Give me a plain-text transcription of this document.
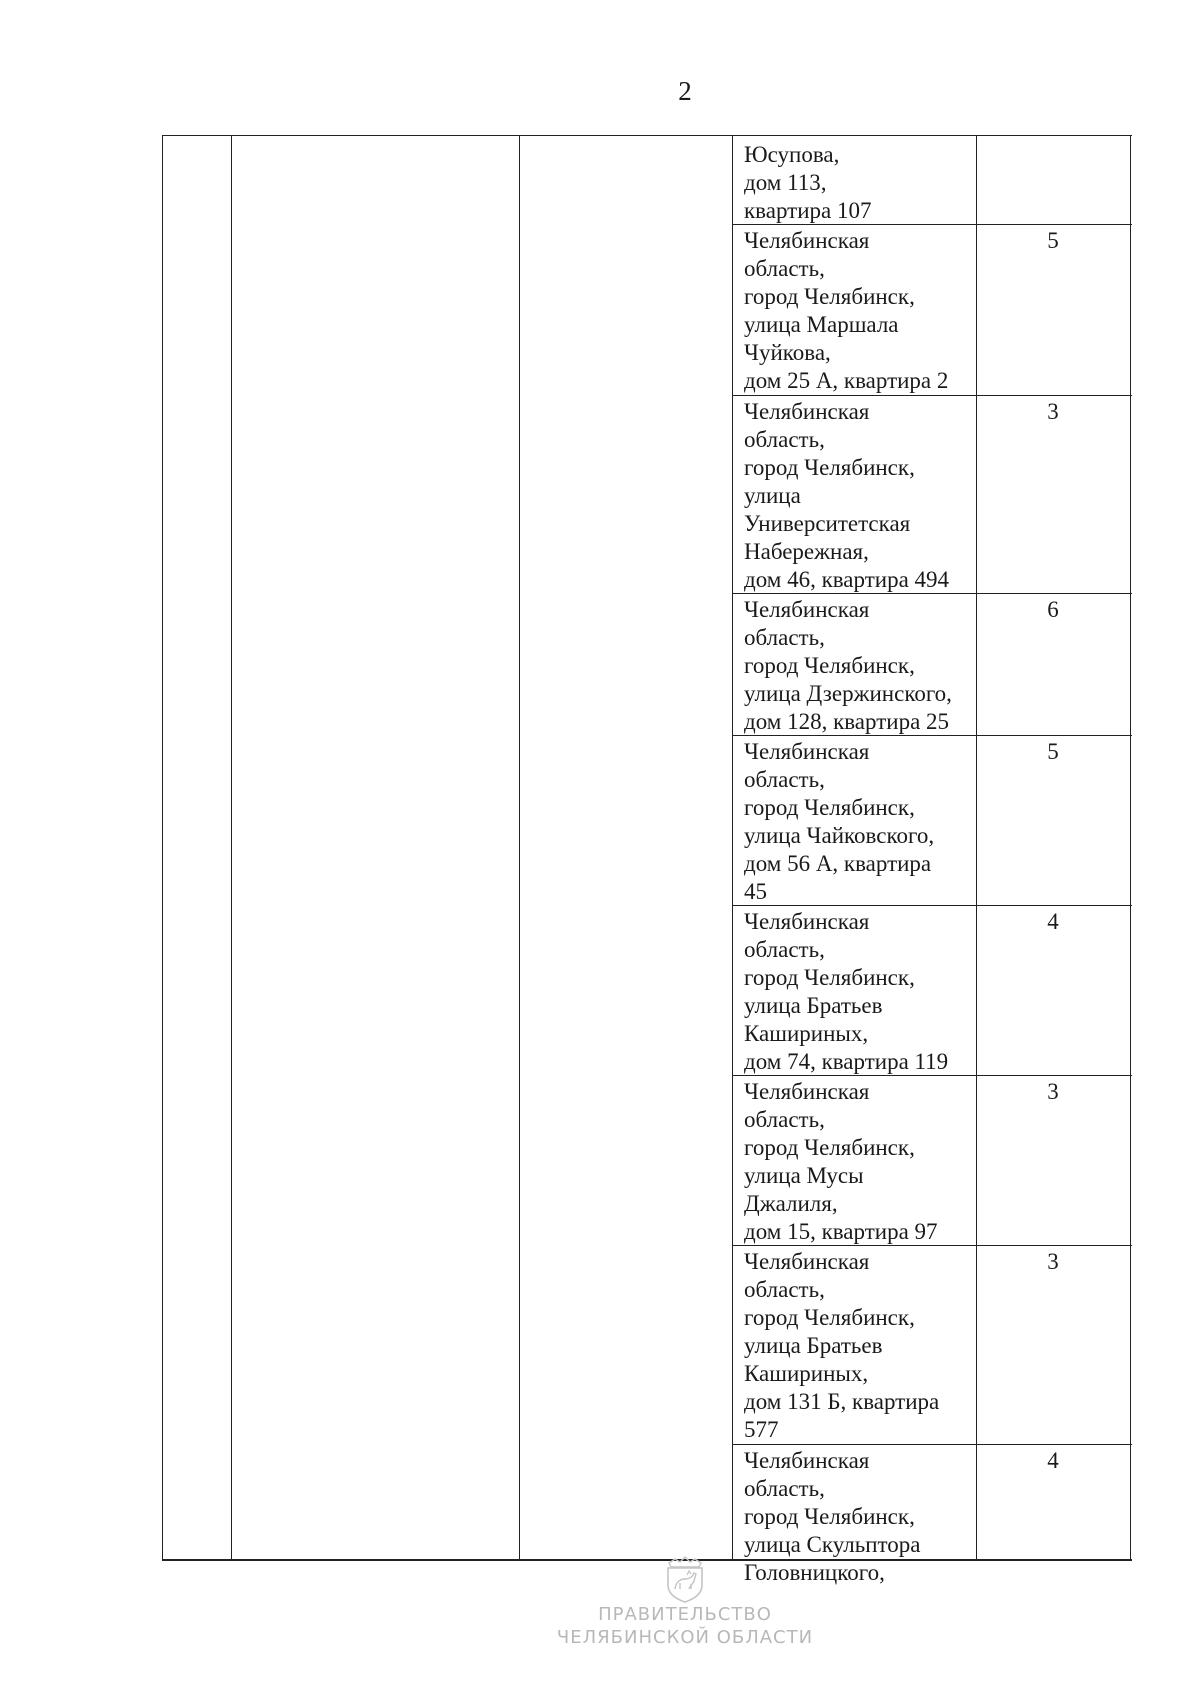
2
Юсупова,
дом 113,
квартира 107
Челябинская
область,
город Челябинск,
улица Маршала
Чуйкова,
дом 25 А, квартира 2
5
Челябинская
область,
город Челябинск,
улица
Университетская
Набережная,
дом 46, квартира 494
3
Челябинская
область,
город Челябинск,
улица Дзержинского,
дом 128, квартира 25
6
Челябинская
область,
город Челябинск,
улица Чайковского,
дом 56 А, квартира
45
5
Челябинская
область,
город Челябинск,
улица Братьев
Кашириных,
дом 74, квартира 119
4
Челябинская
область,
город Челябинск,
улица Мусы
Джалиля,
дом 15, квартира 97
3
Челябинская
область,
город Челябинск,
улица Братьев
Кашириных,
дом 131 Б, квартира
577
3
Челябинская
область,
город Челябинск,
улица Скульптора
Головницкого,
4
ПРАВИТЕЛЬСТВО
ЧЕЛЯБИНСКОЙ ОБЛАСТИ
